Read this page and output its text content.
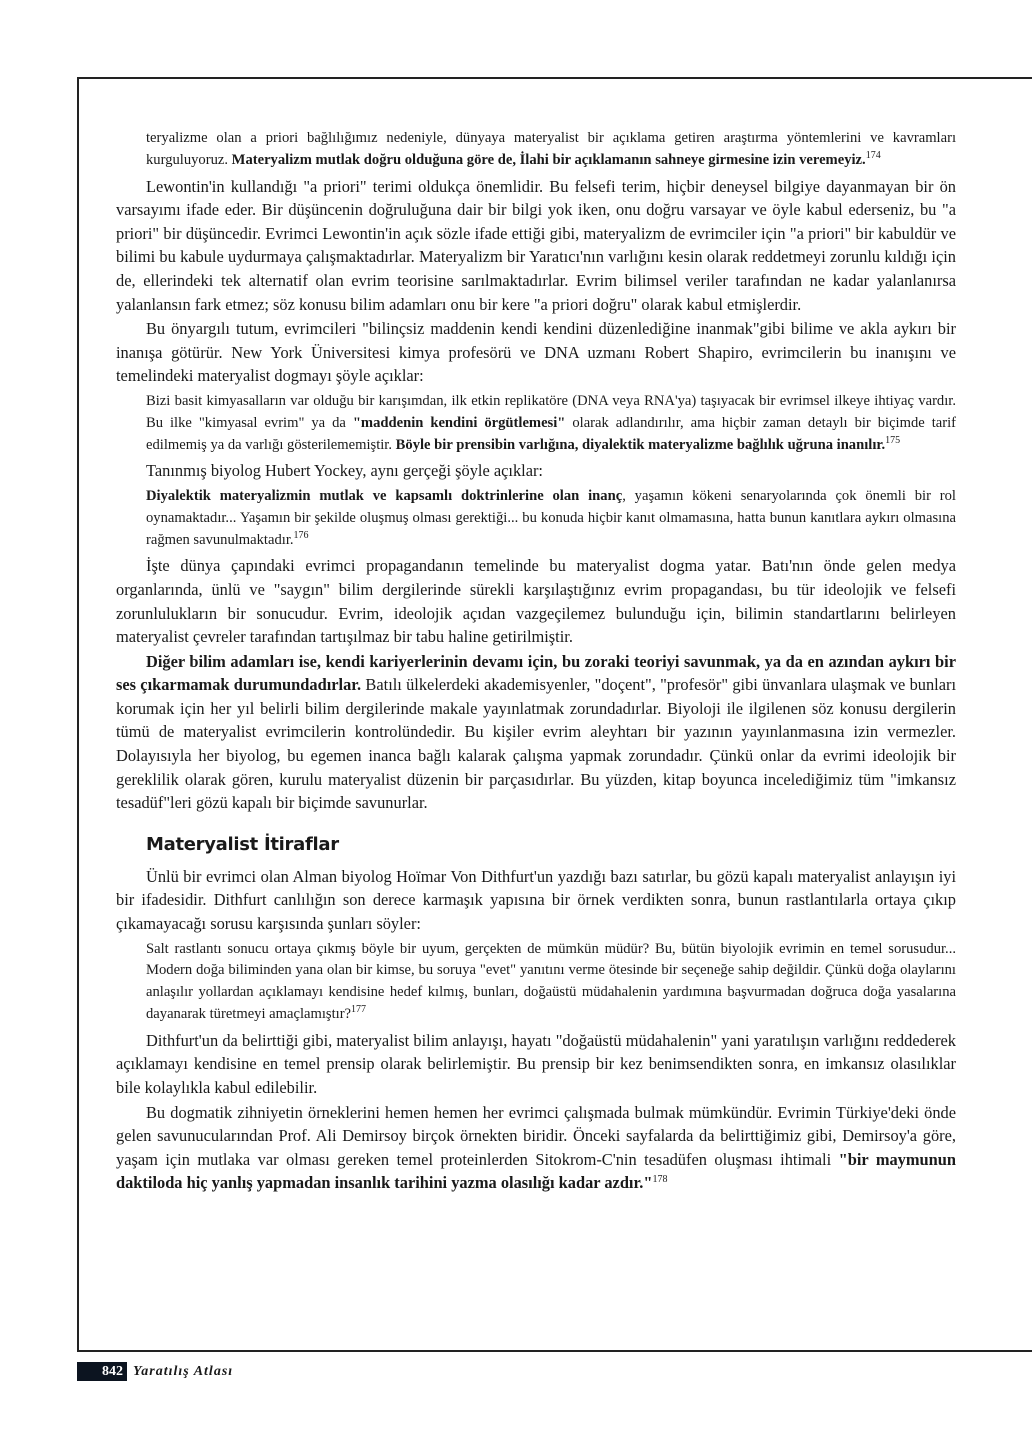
teryalizme olan a priori bağlılığımız nedeniyle, dünyaya materyalist bir açıklama getiren araştırma yöntemlerini ve kavramları kurguluyoruz. Materyalizm mutlak doğru olduğuna göre de, İlahi bir açıklamanın sahneye girmesine izin veremeyiz.$^{174}$

Lewontin'in kullandığı "a priori" terimi oldukça önemlidir. Bu felsefi terim, hiçbir deneysel bilgiye dayanmayan bir ön varsayımı ifade eder. Bir düşüncenin doğruluğuna dair bir bilgi yok iken, onu doğru varsayar ve öyle kabul ederseniz, bu "a priori" bir düşüncedir. Evrimci Lewontin'in açık sözle ifade ettiği gibi, materyalizm de evrimciler için "a priori" bir kabuldür ve bilimi bu kabule uydurmaya çalışmaktadırlar. Materyalizm bir Yaratıcı'nın varlığını kesin olarak reddetmeyi zorunlu kıldığı için de, ellerindeki tek alternatif olan evrim teorisine sarılmaktadırlar. Evrim bilimsel veriler tarafından ne kadar yalanlanırsa yalanlansın fark etmez; söz konusu bilim adamları onu bir kere "a priori doğru" olarak kabul etmişlerdir.

Bu önyargılı tutum, evrimcileri "bilinçsiz maddenin kendi kendini düzenlediğine inanmak"gibi bilime ve akla aykırı bir inanışa götürür. New York Üniversitesi kimya profesörü ve DNA uzmanı Robert Shapiro, evrimcilerin bu inanışını ve temelindeki materyalist dogmayı şöyle açıklar:

Bizi basit kimyasalların var olduğu bir karışımdan, ilk etkin replikatöre (DNA veya RNA'ya) taşıyacak bir evrimsel ilkeye ihtiyaç vardır. Bu ilke "kimyasal evrim" ya da "maddenin kendini örgütlemesi" olarak adlandırılır, ama hiçbir zaman detaylı bir biçimde tarif edilmemiş ya da varlığı gösterilememiştir. Böyle bir prensibin varlığına, diyalektik materyalizme bağlılık uğruna inanılır.$^{175}$

Tanınmış biyolog Hubert Yockey, aynı gerçeği şöyle açıklar:

Diyalektik materyalizmin mutlak ve kapsamlı doktrinlerine olan inanç, yaşamın kökeni senaryolarında çok önemli bir rol oynamaktadır... Yaşamın bir şekilde oluşmuş olması gerektiği... bu konuda hiçbir kanıt olmamasına, hatta bunun kanıtlara aykırı olmasına rağmen savunulmaktadır.$^{176}$

İşte dünya çapındaki evrimci propagandanın temelinde bu materyalist dogma yatar. Batı'nın önde gelen medya organlarında, ünlü ve "saygın" bilim dergilerinde sürekli karşılaştığınız evrim propagandası, bu tür ideolojik ve felsefi zorunlulukların bir sonucudur. Evrim, ideolojik açıdan vazgeçilemez bulunduğu için, bilimin standartlarını belirleyen materyalist çevreler tarafından tartışılmaz bir tabu haline getirilmiştir.

Diğer bilim adamları ise, kendi kariyerlerinin devamı için, bu zoraki teoriyi savunmak, ya da en azından aykırı bir ses çıkarmamak durumundadırlar. Batılı ülkelerdeki akademisyenler, "doçent", "profesör" gibi ünvanlara ulaşmak ve bunları korumak için her yıl belirli bilim dergilerinde makale yayınlatmak zorundadırlar. Biyoloji ile ilgilenen söz konusu dergilerin tümü de materyalist evrimcilerin kontrolündedir. Bu kişiler evrim aleyhtarı bir yazının yayınlanmasına izin vermezler. Dolayısıyla her biyolog, bu egemen inanca bağlı kalarak çalışma yapmak zorundadır. Çünkü onlar da evrimi ideolojik bir gereklilik olarak gören, kurulu materyalist düzenin bir parçasıdırlar. Bu yüzden, kitap boyunca incelediğimiz tüm "imkansız tesadüf"leri gözü kapalı bir biçimde savunurlar.

Materyalist İtiraflar

Ünlü bir evrimci olan Alman biyolog Hoïmar Von Dithfurt'un yazdığı bazı satırlar, bu gözü kapalı materyalist anlayışın iyi bir ifadesidir. Dithfurt canlılığın son derece karmaşık yapısına bir örnek verdikten sonra, bunun rastlantılarla ortaya çıkıp çıkamayacağı sorusu karşısında şunları söyler:

Salt rastlantı sonucu ortaya çıkmış böyle bir uyum, gerçekten de mümkün müdür? Bu, bütün biyolojik evrimin en temel sorusudur... Modern doğa biliminden yana olan bir kimse, bu soruya "evet" yanıtını verme ötesinde bir seçeneğe sahip değildir. Çünkü doğa olaylarını anlaşılır yollardan açıklamayı kendisine hedef kılmış, bunları, doğaüstü müdahalenin yardımına başvurmadan doğruca doğa yasalarına dayanarak türetmeyi amaçlamıştır?$^{177}$

Dithfurt'un da belirttiği gibi, materyalist bilim anlayışı, hayatı "doğaüstü müdahalenin" yani yaratılışın varlığını reddederek açıklamayı kendisine en temel prensip olarak belirlemiştir. Bu prensip bir kez benimsendikten sonra, en imkansız olasılıklar bile kolaylıkla kabul edilebilir.

Bu dogmatik zihniyetin örneklerini hemen hemen her evrimci çalışmada bulmak mümkündür. Evrimin Türkiye'deki önde gelen savunucularından Prof. Ali Demirsoy birçok örnekten biridir. Önceki sayfalarda da belirttiğimiz gibi, Demirsoy'a göre, yaşam için mutlaka var olması gereken temel proteinlerden Sitokrom-C'nin tesadüfen oluşması ihtimali "bir maymunun daktiloda hiç yanlış yapmadan insanlık tarihini yazma olasılığı kadar azdır."$^{178}$

842 Yaratılış Atlası
